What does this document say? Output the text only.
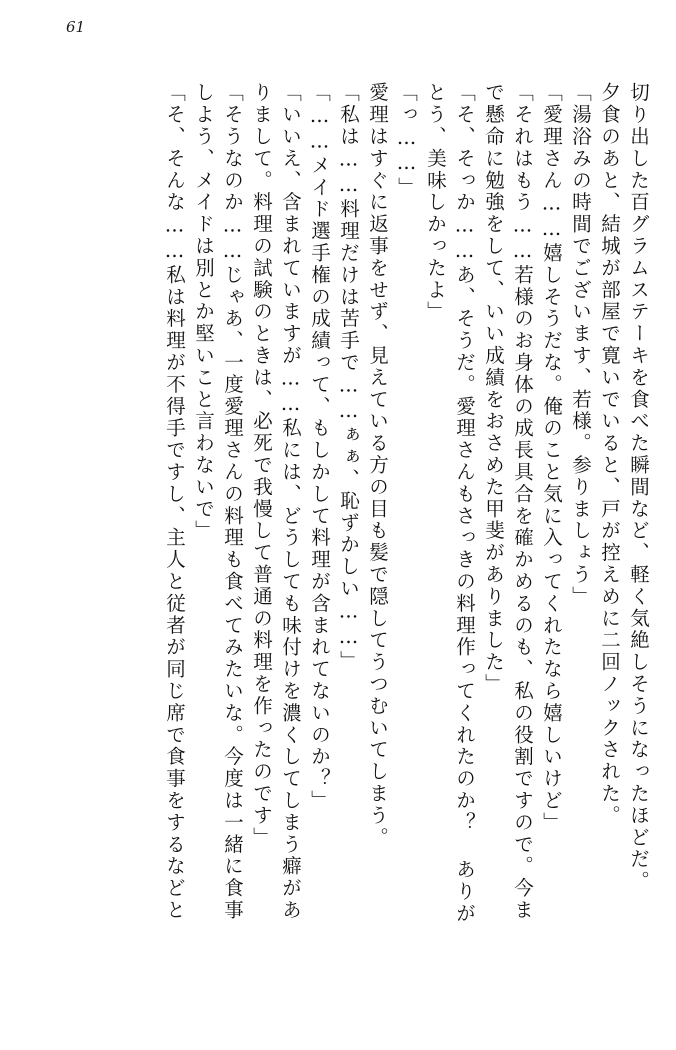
61
切り出した百グラムステーキを食べた瞬間など、軽く気絶しそうになったほどだ。
夕食のあと、結城が部屋で寛いでいると、戸が控えめに二回ノックされた。
「湯浴みの時間でございます、若様。参りましょう」
「愛理さん……嬉しそうだな。俺のこと気に入ってくれたなら嬉しいけど」
「それはもう……若様のお身体の成長具合を確かめるのも、私の役割ですので。今ま
で懸命に勉強をして、いい成績をおさめた甲斐がありました」
「そ、そっか……あ、そうだ。愛理さんもさっきの料理作ってくれたのか？ ありが
とう、美味しかったよ」
「っ……」
愛理はすぐに返事をせず、見えている方の目も髪で隠してうつむいてしまう。
「私は……料理だけは苦手で……ぁぁ、恥ずかしい……」
「……メイド選手権の成績って、もしかして料理が含まれてないのか？」
「いいえ、含まれていますが……私には、どうしても味付けを濃くしてしまう癖があ
りまして。料理の試験のときは、必死で我慢して普通の料理を作ったのです」
「そうなのか……じゃあ、一度愛理さんの料理も食べてみたいな。今度は一緒に食事
しよう、メイドは別とか堅いこと言わないで」
「そ、そんな……私は料理が不得手ですし、主人と従者が同じ席で食事をするなどと
